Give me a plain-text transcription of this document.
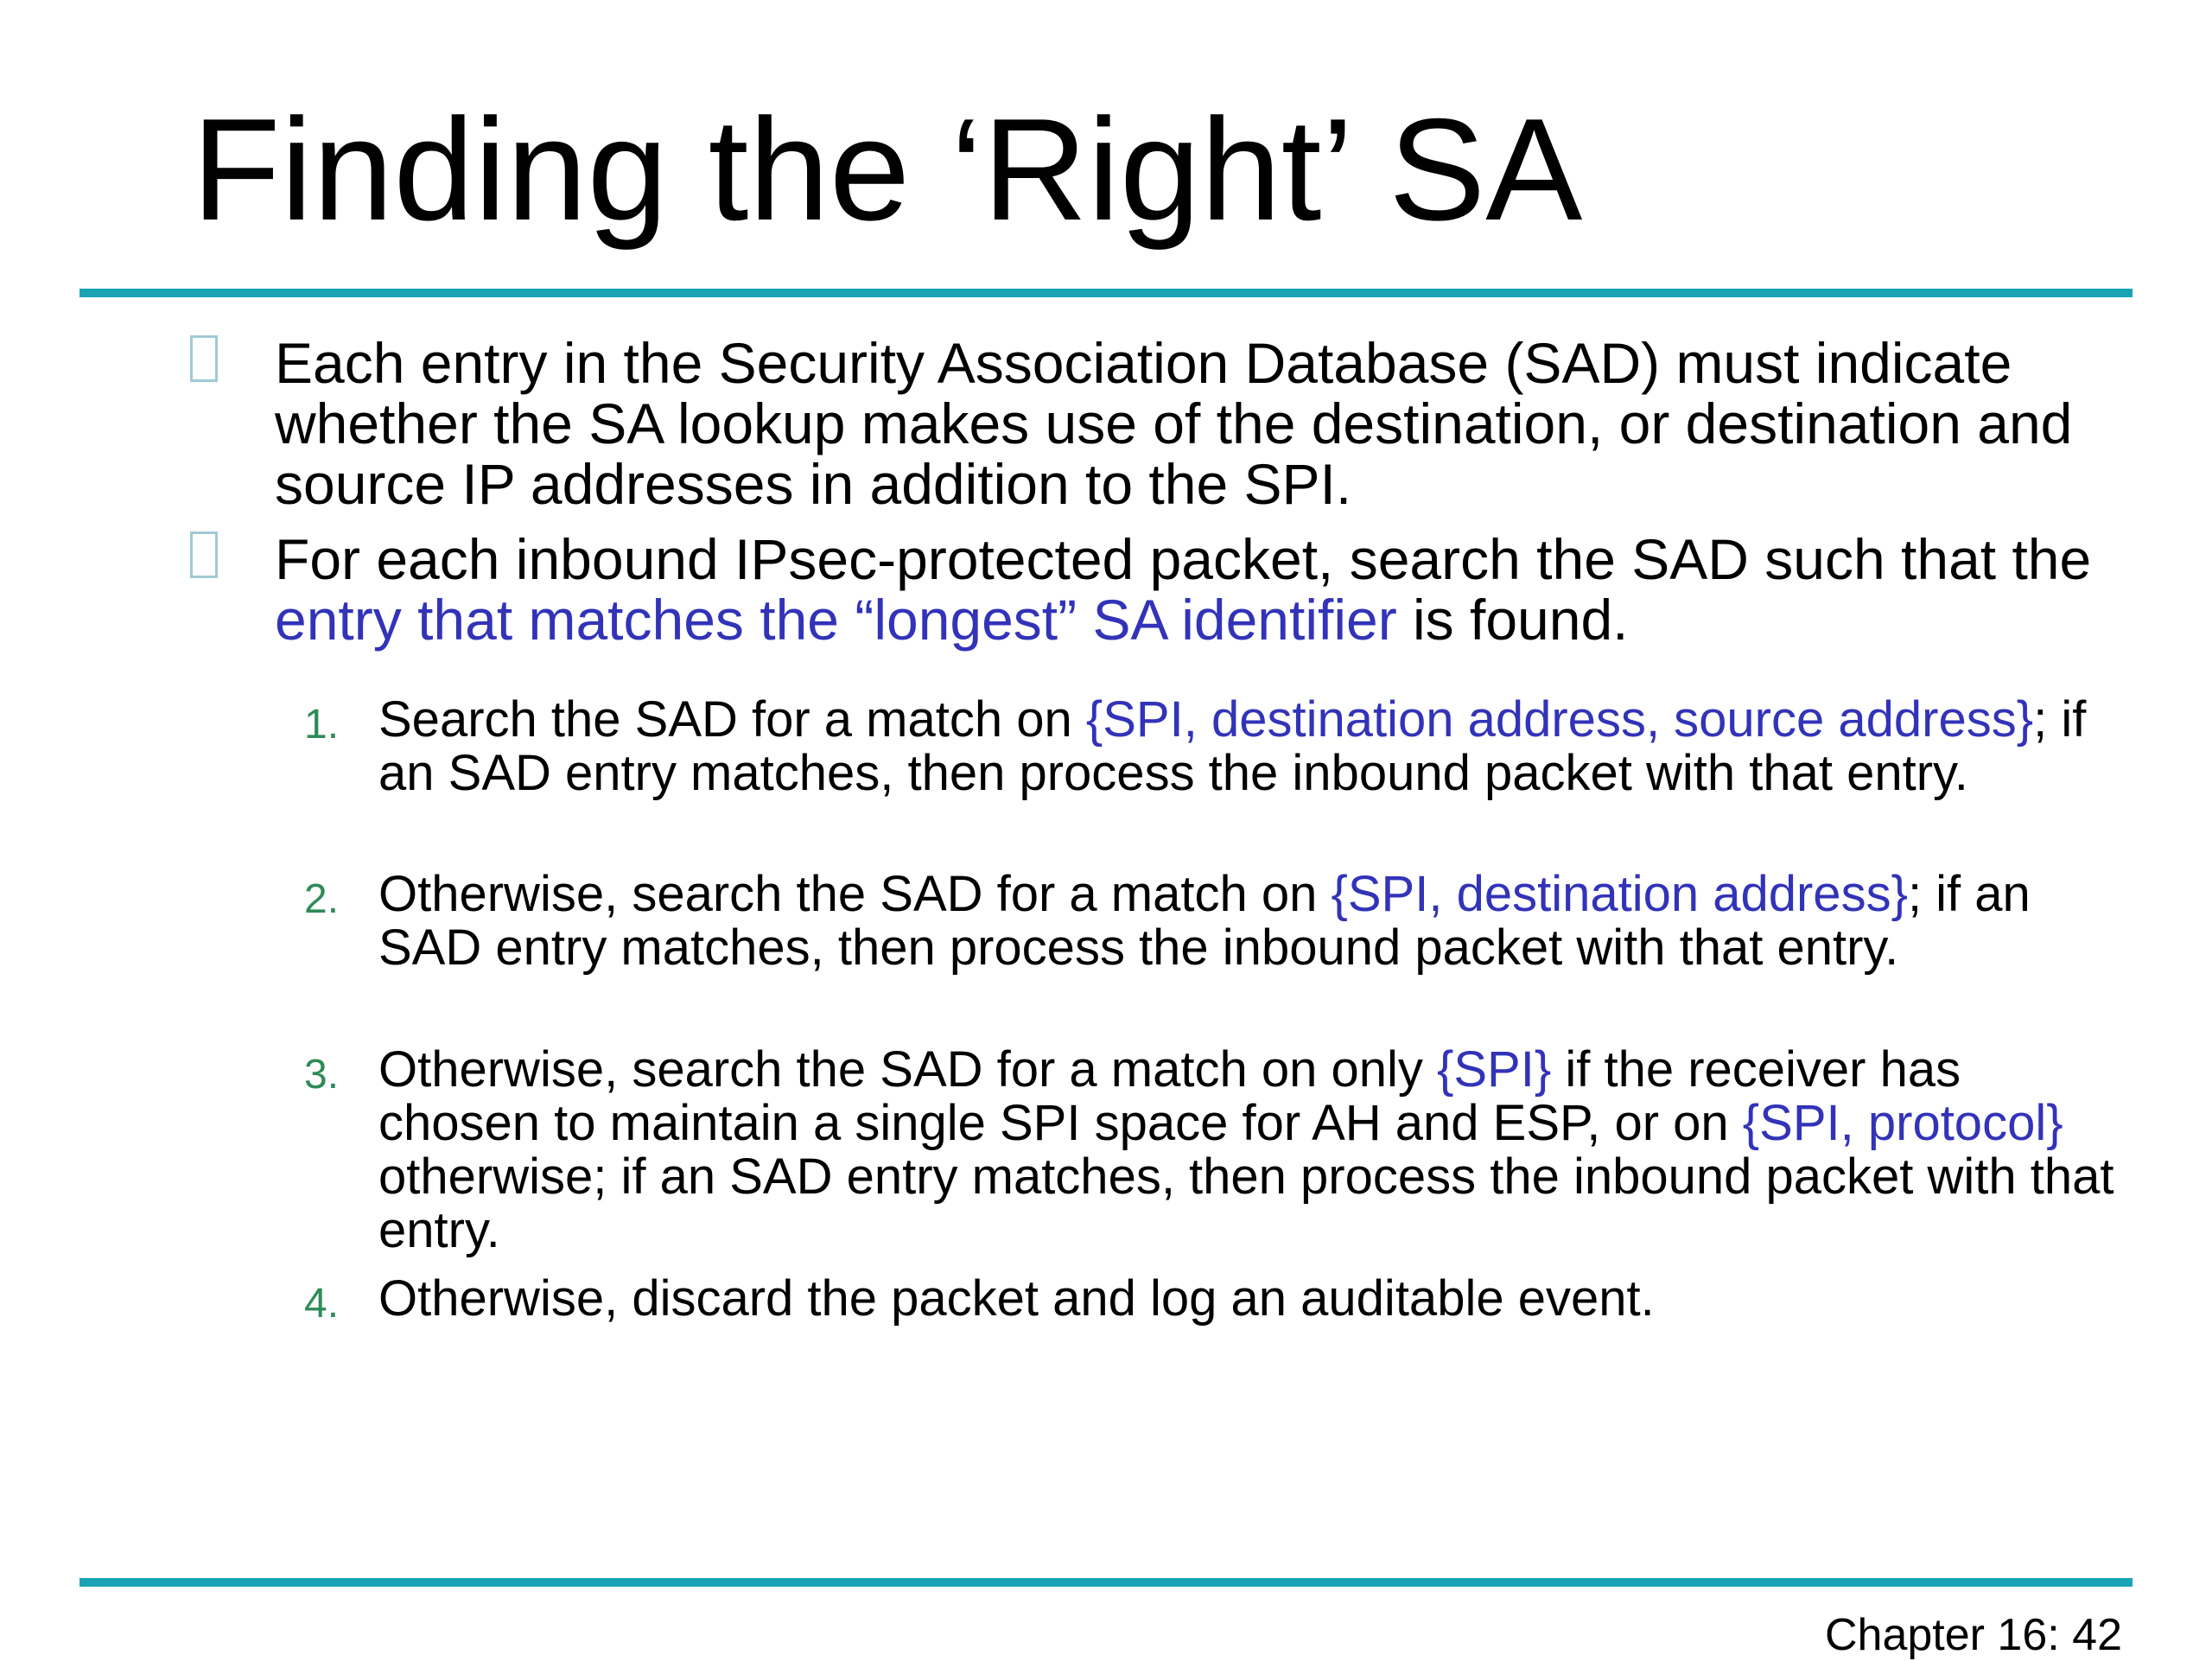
Finding the ‘Right’ SA
Each entry in the Security Association Database (SAD) must indicate whether the SA lookup makes use of the destination, or destination and source IP addresses in addition to the SPI.
For each inbound IPsec-protected packet, search the SAD such that the entry that matches the “longest” SA identifier is found.
1. Search the SAD for a match on {SPI, destination address, source address}; if an SAD entry matches, then process the inbound packet with that entry.
2. Otherwise, search the SAD for a match on {SPI, destination address}; if an SAD entry matches, then process the inbound packet with that entry.
3. Otherwise, search the SAD for a match on only {SPI} if the receiver has chosen to maintain a single SPI space for AH and ESP, or on {SPI, protocol} otherwise; if an SAD entry matches, then process the inbound packet with that entry.
4. Otherwise, discard the packet and log an auditable event.
Chapter 16: 42
